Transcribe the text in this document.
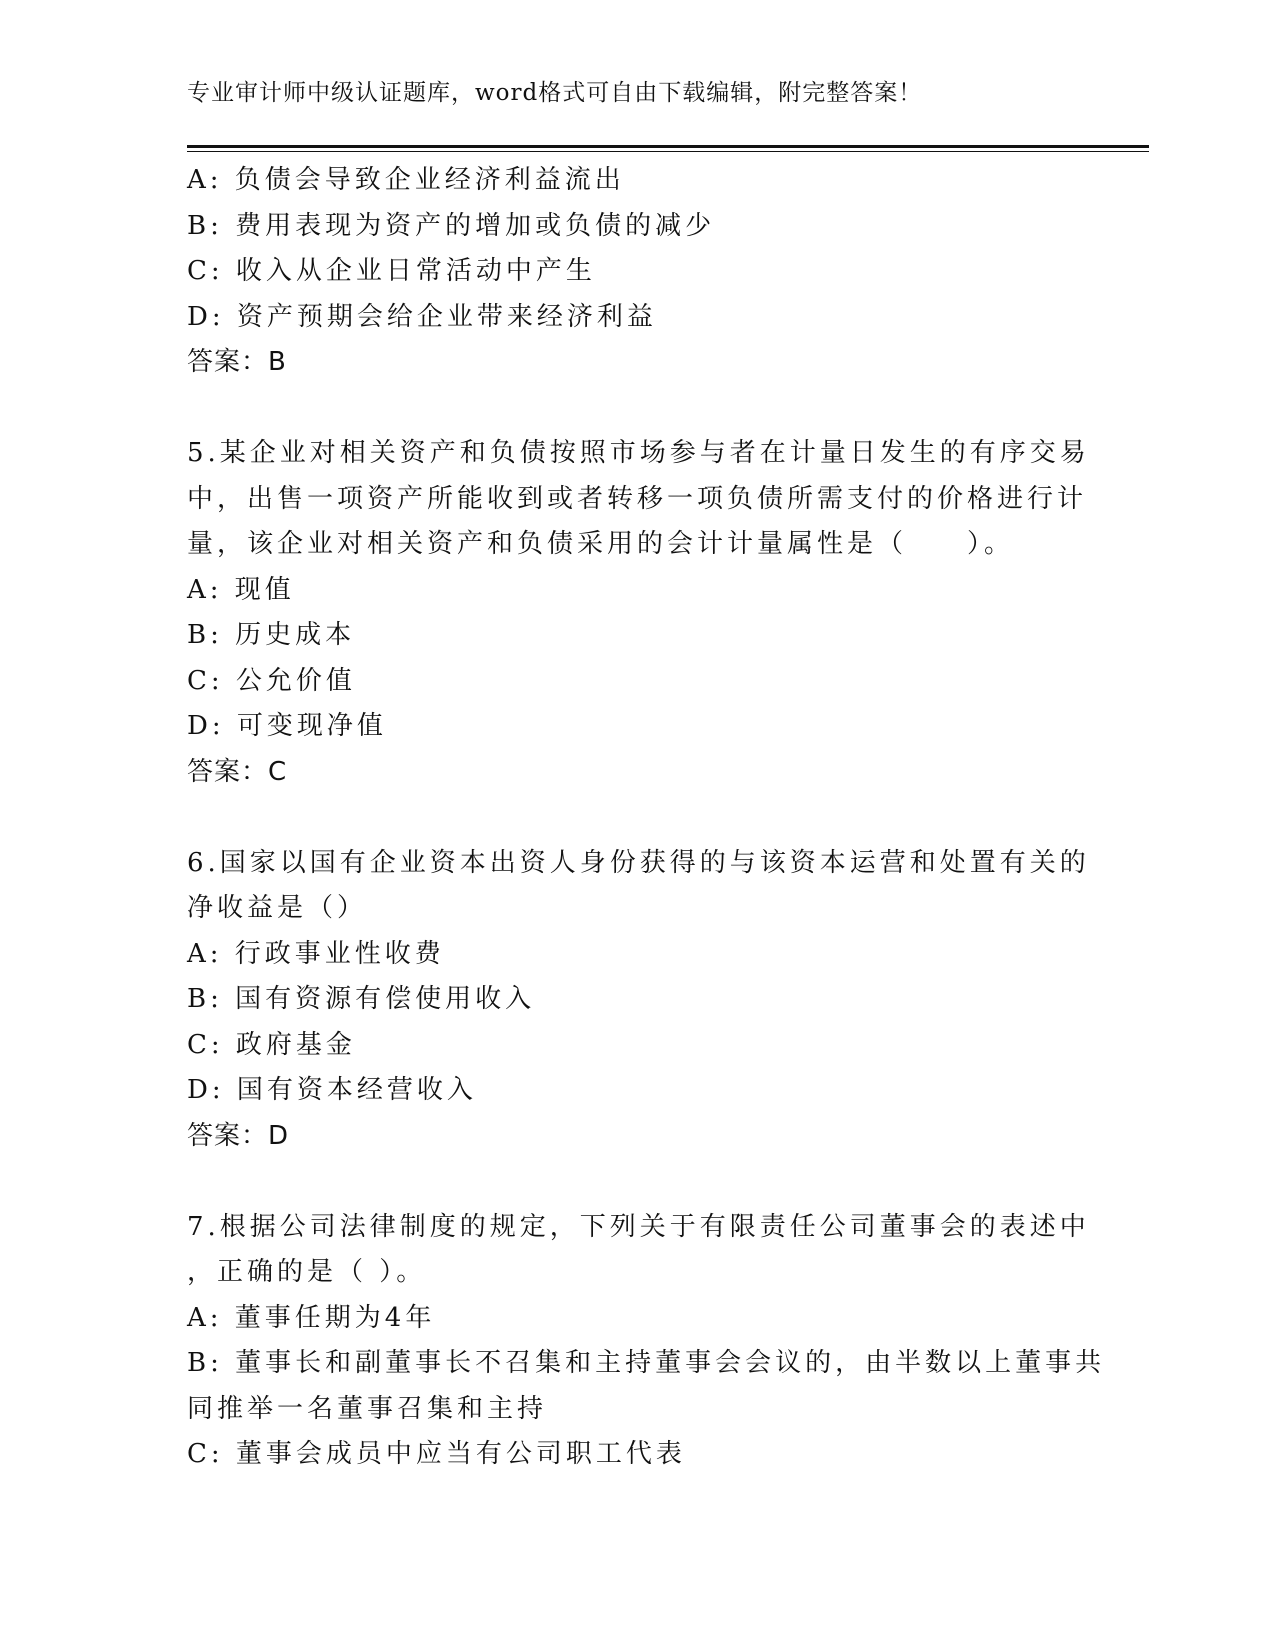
专业审计师中级认证题库，word格式可自由下载编辑，附完整答案！
A: 负债会导致企业经济利益流出
B: 费用表现为资产的增加或负债的减少
C: 收入从企业日常活动中产生
D: 资产预期会给企业带来经济利益
答案：B
5.某企业对相关资产和负债按照市场参与者在计量日发生的有序交易
中，出售一项资产所能收到或者转移一项负债所需支付的价格进行计
量，该企业对相关资产和负债采用的会计计量属性是（　　）。
A: 现值
B: 历史成本
C: 公允价值
D: 可变现净值
答案：C
6.国家以国有企业资本出资人身份获得的与该资本运营和处置有关的
净收益是（）
A: 行政事业性收费
B: 国有资源有偿使用收入
C: 政府基金
D: 国有资本经营收入
答案：D
7.根据公司法律制度的规定，下列关于有限责任公司董事会的表述中
，正确的是（ ）。
A: 董事任期为4年
B: 董事长和副董事长不召集和主持董事会会议的，由半数以上董事共
同推举一名董事召集和主持
C: 董事会成员中应当有公司职工代表
